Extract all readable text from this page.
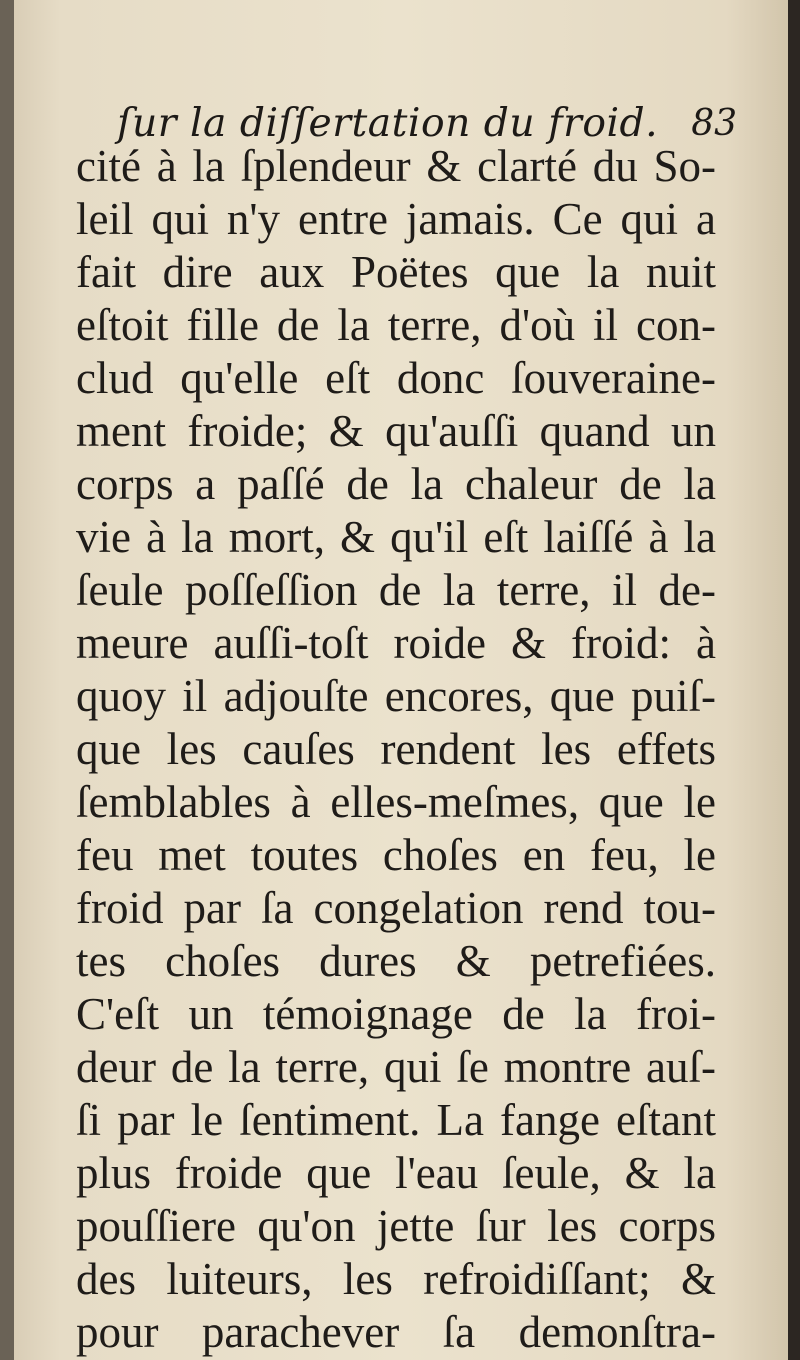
ſur la diſſertation du froid. 83
cité à la ſplendeur & clarté du So-
leil qui n'y entre jamais. Ce qui a
fait dire aux Poëtes que la nuit
eſtoit fille de la terre, d'où il con-
clud qu'elle eſt donc ſouveraine-
ment froide; & qu'auſſi quand un
corps a paſſé de la chaleur de la
vie à la mort, & qu'il eſt laiſſé à la
ſeule poſſeſſion de la terre, il de-
meure auſſi-toſt roide & froid: à
quoy il adjouſte encores, que puiſ-
que les cauſes rendent les effets
ſemblables à elles-meſmes, que le
feu met toutes choſes en feu, le
froid par ſa congelation rend tou-
tes choſes dures & petrefiées.
C'eſt un témoignage de la froi-
deur de la terre, qui ſe montre auſ-
ſi par le ſentiment. La fange eſtant
plus froide que l'eau ſeule, & la
pouſſiere qu'on jette ſur les corps
des luiteurs, les refroidiſſant; &
pour parachever ſa demonſtra-
